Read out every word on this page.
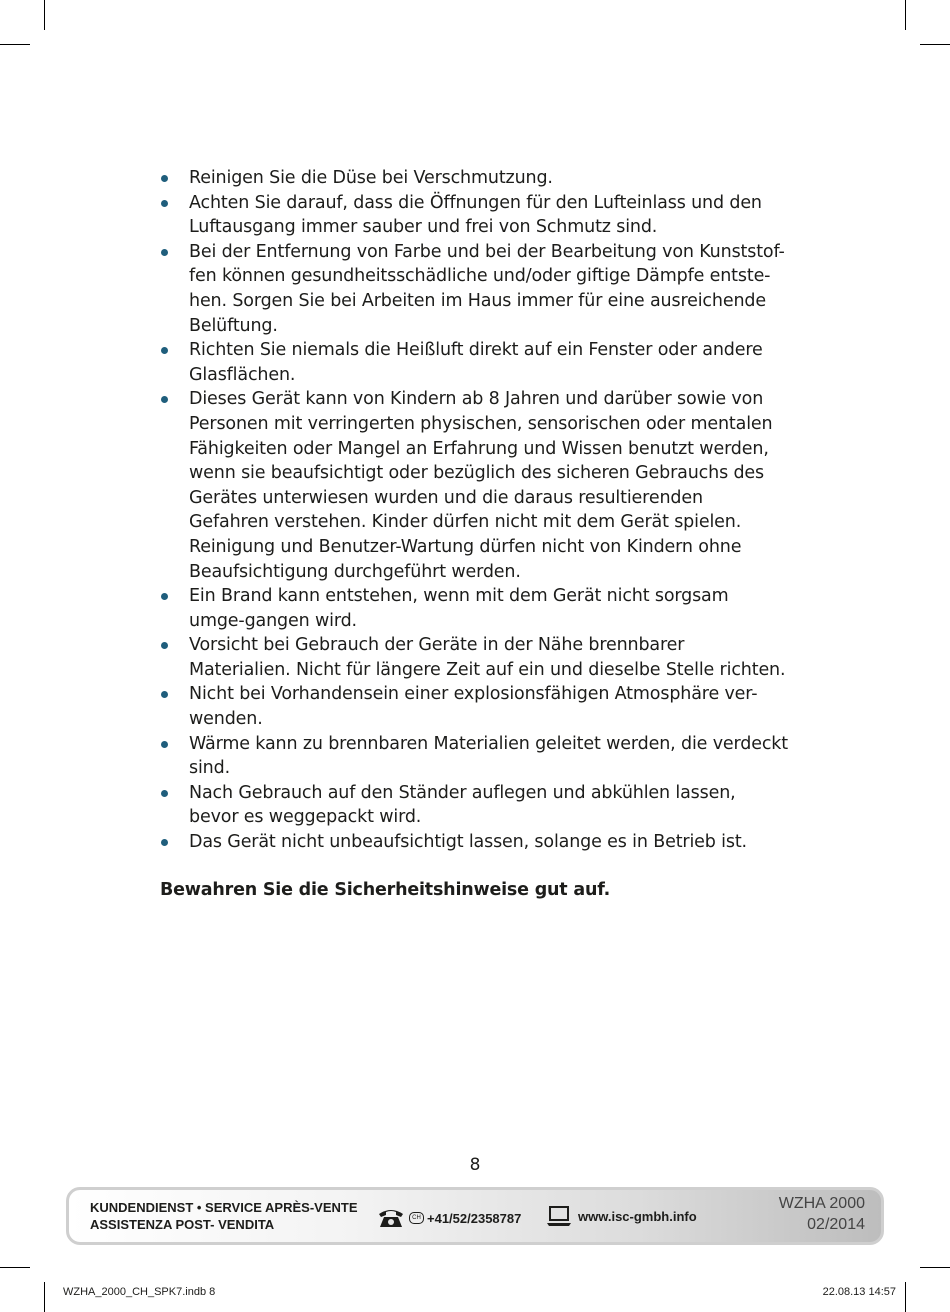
Reinigen Sie die Düse bei Verschmutzung.
Achten Sie darauf, dass die Öffnungen für den Lufteinlass und den Luftausgang immer sauber und frei von Schmutz sind.
Bei der Entfernung von Farbe und bei der Bearbeitung von Kunststof-fen können gesundheitsschädliche und/oder giftige Dämpfe entste-hen. Sorgen Sie bei Arbeiten im Haus immer für eine ausreichende Belüftung.
Richten Sie niemals die Heißluft direkt auf ein Fenster oder andere Glasflächen.
Dieses Gerät kann von Kindern ab 8 Jahren und darüber sowie von Personen mit verringerten physischen, sensorischen oder mentalen Fähigkeiten oder Mangel an Erfahrung und Wissen benutzt werden, wenn sie beaufsichtigt oder bezüglich des sicheren Gebrauchs des Gerätes unterwiesen wurden und die daraus resultierenden Gefahren verstehen. Kinder dürfen nicht mit dem Gerät spielen. Reinigung und Benutzer-Wartung dürfen nicht von Kindern ohne Beaufsichtigung durchgeführt werden.
Ein Brand kann entstehen, wenn mit dem Gerät nicht sorgsam umge-gangen wird.
Vorsicht bei Gebrauch der Geräte in der Nähe brennbarer Materialien. Nicht für längere Zeit auf ein und dieselbe Stelle richten.
Nicht bei Vorhandensein einer explosionsfähigen Atmosphäre ver-wenden.
Wärme kann zu brennbaren Materialien geleitet werden, die verdeckt sind.
Nach Gebrauch auf den Ständer auflegen und abkühlen lassen, bevor es weggepackt wird.
Das Gerät nicht unbeaufsichtigt lassen, solange es in Betrieb ist.
Bewahren Sie die Sicherheitshinweise gut auf.
8
KUNDENDIENST • SERVICE APRÈS-VENTE
ASSISTENZA POST- VENDITA	CH +41/52/2358787	www.isc-gmbh.info
WZHA 2000
02/2014
WZHA_2000_CH_SPK7.indb 8	22.08.13 14:57
